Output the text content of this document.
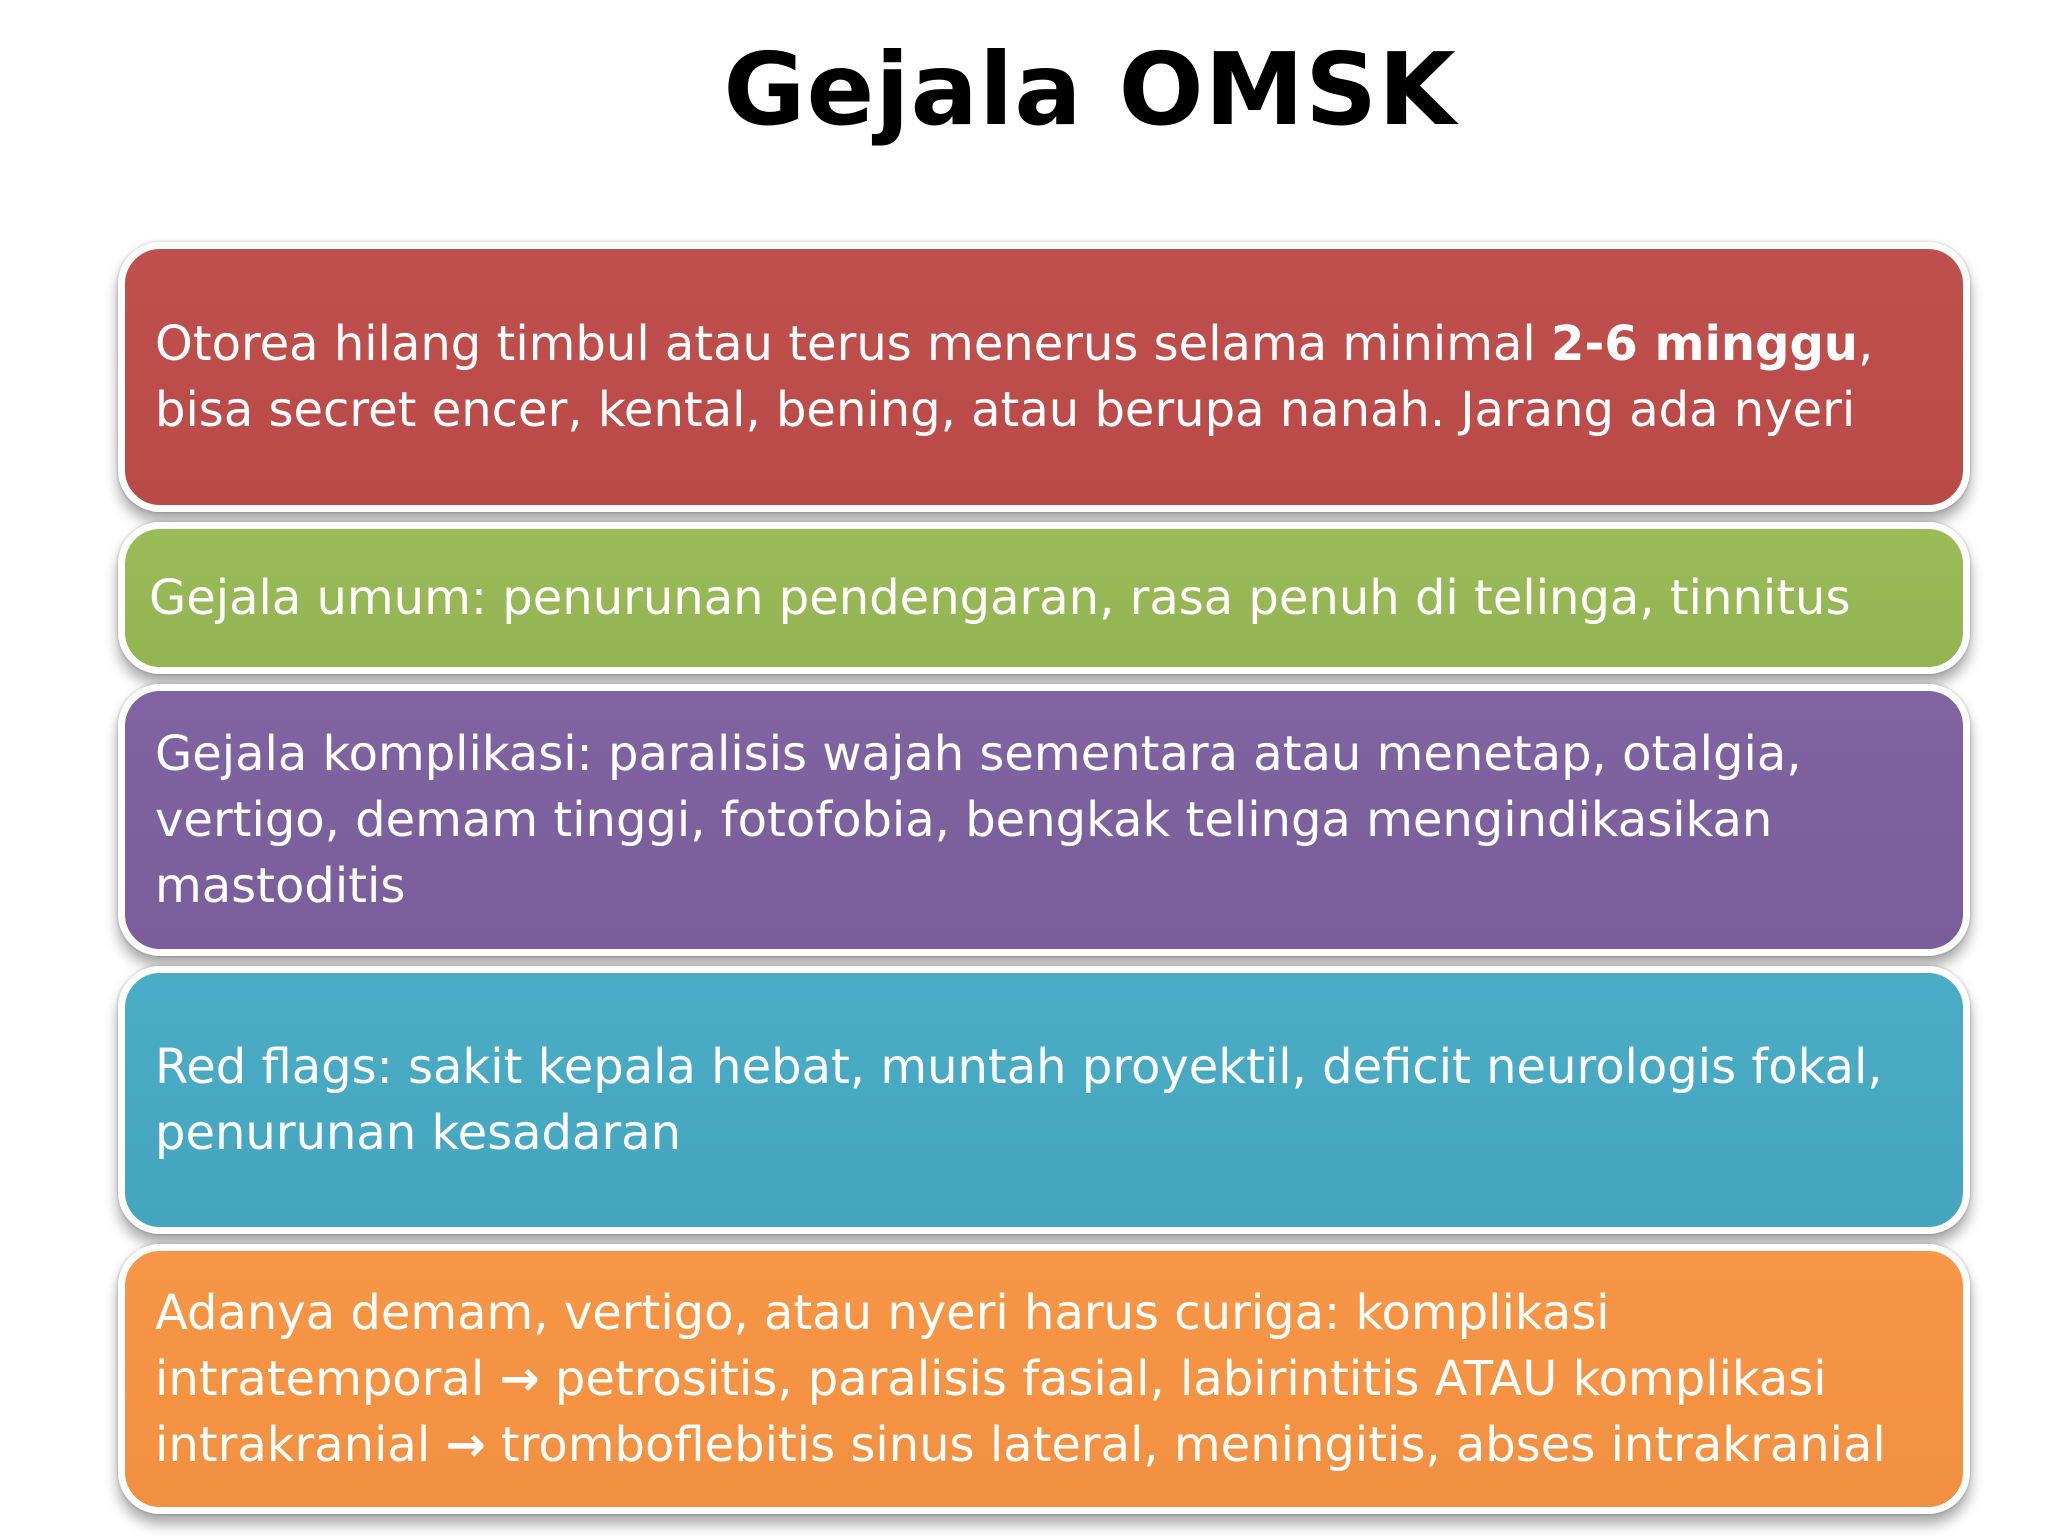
Gejala OMSK
Otorea hilang timbul atau terus menerus selama minimal 2-6 minggu, bisa secret encer, kental, bening, atau berupa nanah. Jarang ada nyeri
Gejala umum: penurunan pendengaran, rasa penuh di telinga, tinnitus
Gejala komplikasi: paralisis wajah sementara atau menetap, otalgia, vertigo, demam tinggi, fotofobia, bengkak telinga mengindikasikan mastoditis
Red flags: sakit kepala hebat, muntah proyektil, deficit neurologis fokal, penurunan kesadaran
Adanya demam, vertigo, atau nyeri harus curiga: komplikasi intratemporal → petrositis, paralisis fasial, labirintitis ATAU komplikasi intrakranial → tromboflebitis sinus lateral, meningitis, abses intrakranial
